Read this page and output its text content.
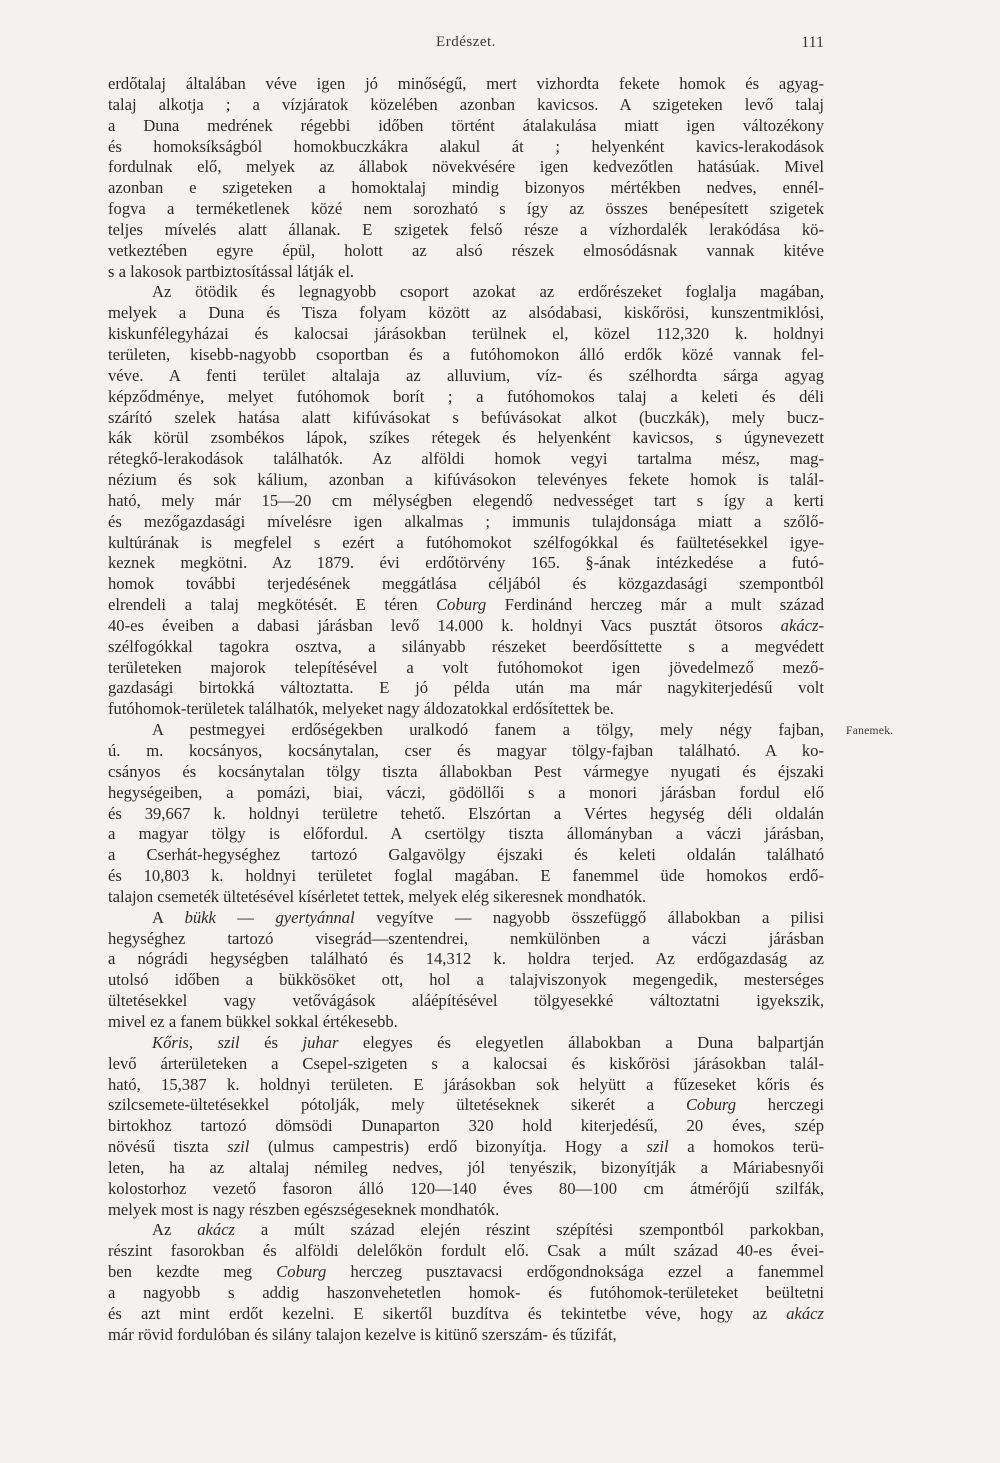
Erdészet.	111
erdőtalaj általában véve igen jó minőségű, mert vizhordta fekete homok és agyag-
talaj alkotja ; a vízjáratok közelében azonban kavicsos. A szigeteken levő talaj
a Duna medrének régebbi időben történt átalakulása miatt igen változékony
és homoksíkságból homokbuczkákra alakul át ; helyenként kavics-lerakodások
fordulnak elő, melyek az állabok növekvésére igen kedvezőtlen hatásúak. Mivel
azonban e szigeteken a homoktalaj mindig bizonyos mértékben nedves, ennél-
fogva a terméketlenek közé nem sorozható s így az összes benépesített szigetek
teljes mívelés alatt állanak. E szigetek felső része a vízhordalék lerakódása kö-
vetkeztében egyre épül, holott az alsó részek elmosódásnak vannak kitéve
s a lakosok partbiztosítással látják el.
Az ötödik és legnagyobb csoport azokat az erdőrészeket foglalja magában,
melyek a Duna és Tisza folyam között az alsódabasi, kiskőrösi, kunszentmiklósi,
kiskunfélegyházai és kalocsai járásokban terülnek el, közel 112,320 k. holdnyi
területen, kisebb-nagyobb csoportban és a futóhomokon álló erdők közé vannak fel-
véve. A fenti terület altalaja az alluvium, víz- és szélhordta sárga agyag
képződménye, melyet futóhomok borít ; a futóhomokos talaj a keleti és déli
szárító szelek hatása alatt kifúvásokat s befúvásokat alkot (buczkák), mely bucz-
kák körül zsombékos lápok, szíkes rétegek és helyenként kavicsos, s úgynevezett
rétegkő-lerakodások találhatók. Az alföldi homok vegyi tartalma mész, mag-
nézium és sok kálium, azonban a kifúvásokon televényes fekete homok is talál-
ható, mely már 15—20 cm mélységben elegendő nedvességet tart s így a kerti
és mezőgazdasági mívelésre igen alkalmas ; immunis tulajdonsága miatt a szőlő-
kultúrának is megfelel s ezért a futóhomokot szélfogókkal és faültetésekkel igye-
keznek megkötni. Az 1879. évi erdőtörvény 165. §-ának intézkedése a futó-
homok további terjedésének meggátlása céljából és közgazdasági szempontból
elrendeli a talaj megkötését. E téren Coburg Ferdinánd herczeg már a mult század
40-es éveiben a dabasi járásban levő 14.000 k. holdnyi Vacs pusztát ötsoros akácz-
szélfogókkal tagokra osztva, a silányabb részeket beerdősíttette s a megvédett
területeken majorok telepítésével a volt futóhomokot igen jövedelmező mező-
gazdasági birtokká változtatta. E jó példa után ma már nagykiterjedésű volt
futóhomok-területek találhatók, melyeket nagy áldozatokkal erdősítettek be.
A pestmegyei erdőségekben uralkodó fanem a tölgy, mely négy fajban,
ú. m. kocsányos, kocsánytalan, cser és magyar tölgy-fajban található. A ko-
csányos és kocsánytalan tölgy tiszta állabokban Pest vármegye nyugati és éjszaki
hegységeiben, a pomázi, biai, váczi, gödöllői s a monori járásban fordul elő
és 39,667 k. holdnyi területre tehető. Elszórtan a Vértes hegység déli oldalán
a magyar tölgy is előfordul. A csertölgy tiszta állományban a váczi járásban,
a Cserhát-hegységhez tartozó Galgavölgy éjszaki és keleti oldalán található
és 10,803 k. holdnyi területet foglal magában. E fanemmel üde homokos erdő-
talajon csemeték ültetésével kísérletet tettek, melyek elég sikeresnek mondhatók.
A bükk — gyertyánnal vegyítve — nagyobb összefüggő állabokban a pilisi
hegységhez tartozó visegrád—szentendrei, nemkülönben a váczi járásban
a nógrádi hegységben található és 14,312 k. holdra terjed. Az erdőgazdaság az
utolsó időben a bükkösöket ott, hol a talajviszonyok megengedik, mesterséges
ültetésekkel vagy vetővágások aláépítésével tölgyesekké változtatni igyekszik,
mivel ez a fanem bükkel sokkal értékesebb.
Kőris, szil és juhar elegyes és elegyetlen állabokban a Duna balpartján
levő árterületeken a Csepel-szigeten s a kalocsai és kiskőrösi járásokban talál-
ható, 15,387 k. holdnyi területen. E járásokban sok helyütt a fűzeseket kőris és
szilcsemete-ültetésekkel pótolják, mely ültetéseknek sikerét a Coburg herczegi
birtokhoz tartozó dömsödi Dunaparton 320 hold kiterjedésű, 20 éves, szép
növésű tiszta szil (ulmus campestris) erdő bizonyítja. Hogy a szil a homokos terü-
leten, ha az altalaj némileg nedves, jól tenyészik, bizonyítják a Máriabesnyői
kolostorhoz vezető fasoron álló 120—140 éves 80—100 cm átmérőjű szilfák,
melyek most is nagy részben egészségeseknek mondhatók.
Az akácz a múlt század elején részint szépítési szempontból parkokban,
részint fasorokban és alföldi delelőkön fordult elő. Csak a múlt század 40-es évei-
ben kezdte meg Coburg herczeg pusztavacsi erdőgondnoksága ezzel a fanemmel
a nagyobb s addig haszonvehetetlen homok- és futóhomok-területeket beültetni
és azt mint erdőt kezelni. E sikertől buzdítva és tekintetbe véve, hogy az akácz
már rövid fordulóban és silány talajon kezelve is kitünő szerszám- és tűzifát,
Fanemek.
